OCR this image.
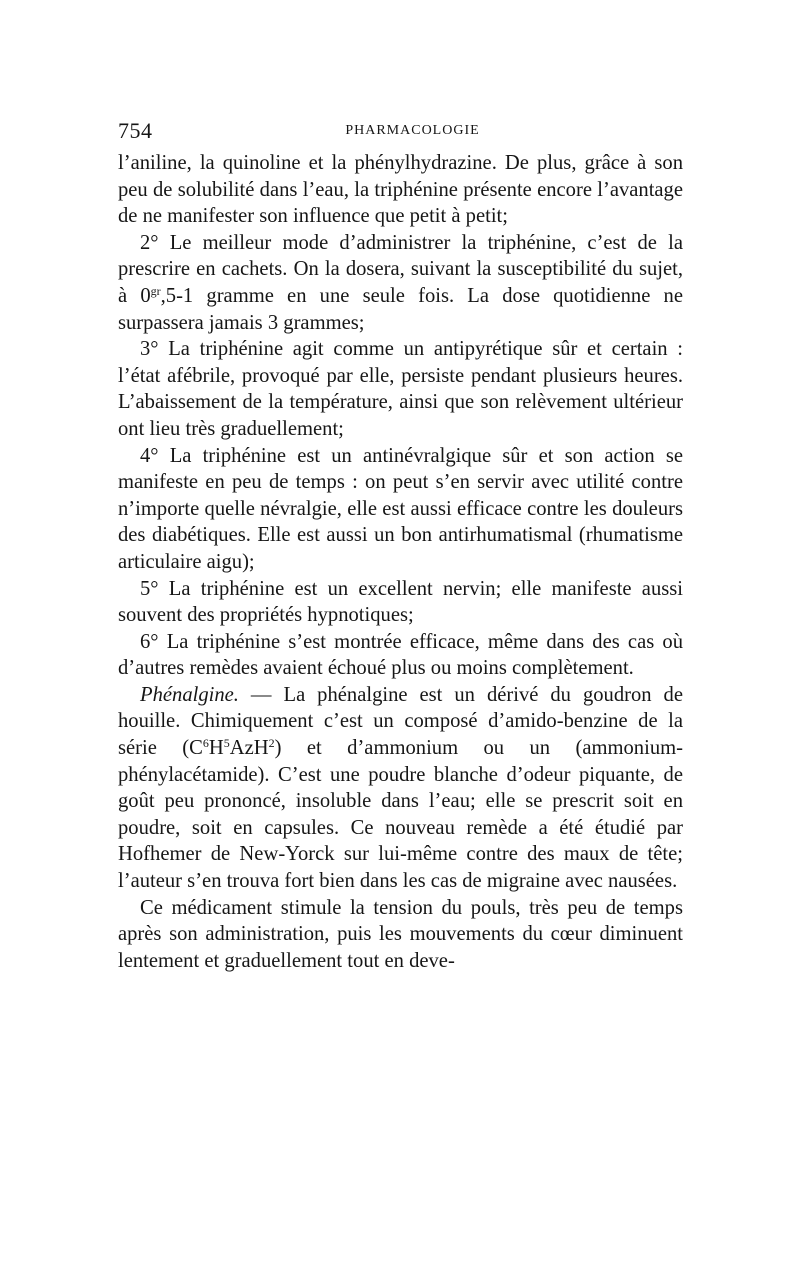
754	PHARMACOLOGIE

l’aniline, la quinoline et la phénylhydrazine. De plus, grâce à son peu de solubilité dans l’eau, la triphénine présente encore l’avantage de ne manifester son influence que petit à petit;

2° Le meilleur mode d’administrer la triphénine, c’est de la prescrire en cachets. On la dosera, suivant la susceptibilité du sujet, à $0^{gr},5-1$ gramme en une seule fois. La dose quotidienne ne surpassera jamais 3 grammes;

3° La triphénine agit comme un antipyrétique sûr et certain : l’état afébrile, provoqué par elle, persiste pendant plusieurs heures. L’abaissement de la température, ainsi que son relèvement ultérieur ont lieu très graduellement;

4° La triphénine est un antinévralgique sûr et son action se manifeste en peu de temps : on peut s’en servir avec utilité contre n’importe quelle névralgie, elle est aussi efficace contre les douleurs des diabétiques. Elle est aussi un bon antirhumatismal (rhumatisme articulaire aigu);

5° La triphénine est un excellent nervin; elle manifeste aussi souvent des propriétés hypnotiques;

6° La triphénine s’est montrée efficace, même dans des cas où d’autres remèdes avaient échoué plus ou moins complètement.

Phénalgine. — La phénalgine est un dérivé du goudron de houille. Chimiquement c’est un composé d’amido-benzine de la série $(C^6H^5AzH^2)$ et d’ammonium ou un (ammonium-phénylacétamide). C’est une poudre blanche d’odeur piquante, de goût peu prononcé, insoluble dans l’eau; elle se prescrit soit en poudre, soit en capsules. Ce nouveau remède a été étudié par Hofhemer de New-Yorck sur lui-même contre des maux de tête; l’auteur s’en trouva fort bien dans les cas de migraine avec nausées.

Ce médicament stimule la tension du pouls, très peu de temps après son administration, puis les mouvements du cœur diminuent lentement et graduellement tout en deve-
